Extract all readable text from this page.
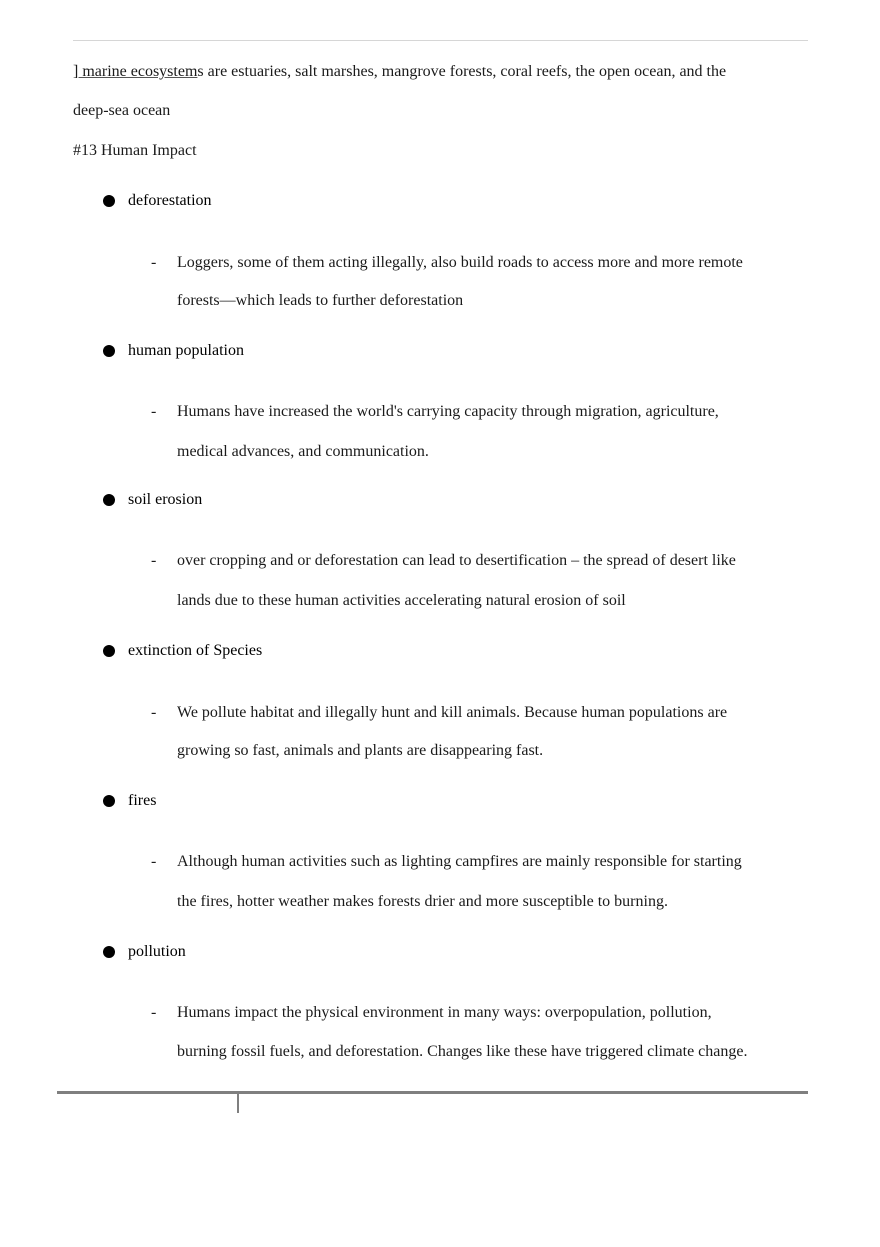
] marine ecosystems are estuaries, salt marshes, mangrove forests, coral reefs, the open ocean, and the
deep-sea ocean
#13 Human Impact
deforestation
- Loggers, some of them acting illegally, also build roads to access more and more remote
forests—which leads to further deforestation
human population
- Humans have increased the world's carrying capacity through migration, agriculture,
medical advances, and communication.
soil erosion
- over cropping and or deforestation can lead to desertification – the spread of desert like
lands due to these human activities accelerating natural erosion of soil
extinction of Species
- We pollute habitat and illegally hunt and kill animals. Because human populations are
growing so fast, animals and plants are disappearing fast.
fires
- Although human activities such as lighting campfires are mainly responsible for starting
the fires, hotter weather makes forests drier and more susceptible to burning.
pollution
- Humans impact the physical environment in many ways: overpopulation, pollution,
burning fossil fuels, and deforestation. Changes like these have triggered climate change.
